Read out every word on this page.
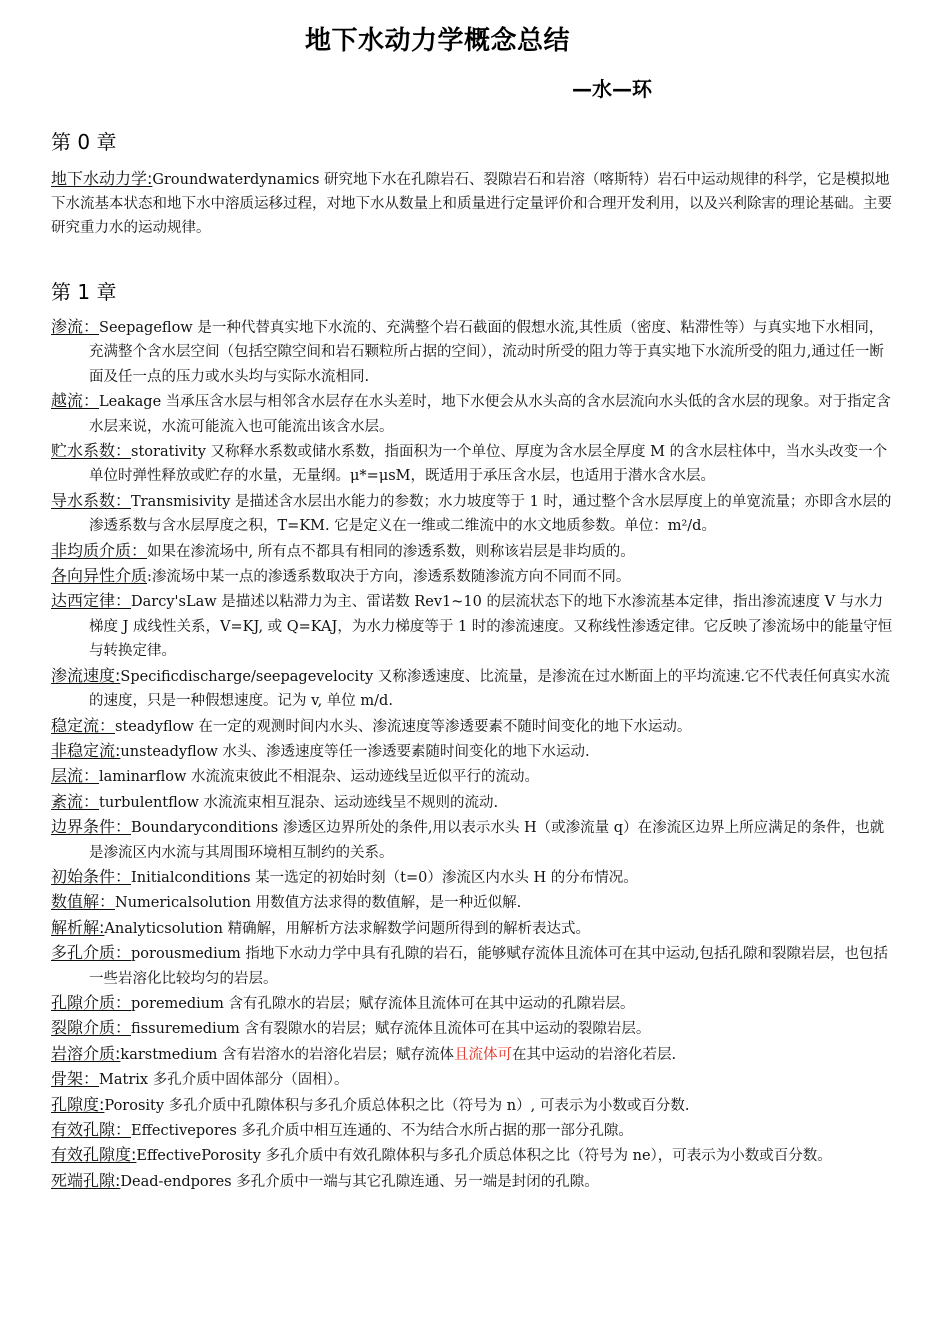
地下水动力学概念总结
—水—环
第 0 章

地下水动力学:Groundwaterdynamics 研究地下水在孔隙岩石、裂隙岩石和岩溶（喀斯特）岩石中运动规律的科学，它是模拟地下水流基本状态和地下水中溶质运移过程，对地下水从数量上和质量进行定量评价和合理开发利用，以及兴利除害的理论基础。主要研究重力水的运动规律。

第 1 章

渗流：Seepageflow 是一种代替真实地下水流的、充满整个岩石截面的假想水流,其性质（密度、粘滞性等）与真实地下水相同，充满整个含水层空间（包括空隙空间和岩石颗粒所占据的空间），流动时所受的阻力等于真实地下水流所受的阻力,通过任一断面及任一点的压力或水头均与实际水流相同.

越流：Leakage 当承压含水层与相邻含水层存在水头差时，地下水便会从水头高的含水层流向水头低的含水层的现象。对于指定含水层来说，水流可能流入也可能流出该含水层。

贮水系数：storativity 又称释水系数或储水系数，指面积为一个单位、厚度为含水层全厚度 M 的含水层柱体中，当水头改变一个单位时弹性释放或贮存的水量，无量纲。μ*=μsM，既适用于承压含水层，也适用于潜水含水层。

导水系数：Transmisivity 是描述含水层出水能力的参数；水力坡度等于 1 时，通过整个含水层厚度上的单宽流量；亦即含水层的渗透系数与含水层厚度之积，T=KM. 它是定义在一维或二维流中的水文地质参数。单位：m²/d。

非均质介质：如果在渗流场中, 所有点不都具有相同的渗透系数，则称该岩层是非均质的。

各向异性介质:渗流场中某一点的渗透系数取决于方向，渗透系数随渗流方向不同而不同。

达西定律：Darcy'sLaw 是描述以粘滞力为主、雷诺数 Rev1~10 的层流状态下的地下水渗流基本定律，指出渗流速度 V 与水力梯度 J 成线性关系，V=KJ, 或 Q=KAJ，为水力梯度等于 1 时的渗流速度。又称线性渗透定律。它反映了渗流场中的能量守恒与转换定律。

渗流速度:Specificdischarge/seepagevelocity 又称渗透速度、比流量，是渗流在过水断面上的平均流速.它不代表任何真实水流的速度，只是一种假想速度。记为 v, 单位 m/d.

稳定流：steadyflow 在一定的观测时间内水头、渗流速度等渗透要素不随时间变化的地下水运动。

非稳定流:unsteadyflow 水头、渗透速度等任一渗透要素随时间变化的地下水运动.

层流：laminarflow 水流流束彼此不相混杂、运动迹线呈近似平行的流动。

紊流：turbulentflow 水流流束相互混杂、运动迹线呈不规则的流动.

边界条件：Boundaryconditions 渗透区边界所处的条件,用以表示水头 H（或渗流量 q）在渗流区边界上所应满足的条件，也就是渗流区内水流与其周围环境相互制约的关系。

初始条件：Initialconditions 某一选定的初始时刻（t=0）渗流区内水头 H 的分布情况。

数值解：Numericalsolution 用数值方法求得的数值解，是一种近似解.

解析解:Analyticsolution 精确解，用解析方法求解数学问题所得到的解析表达式。

多孔介质：porousmedium 指地下水动力学中具有孔隙的岩石，能够赋存流体且流体可在其中运动,包括孔隙和裂隙岩层，也包括一些岩溶化比较均匀的岩层。

孔隙介质：poremedium 含有孔隙水的岩层；赋存流体且流体可在其中运动的孔隙岩层。

裂隙介质：fissuremedium 含有裂隙水的岩层；赋存流体且流体可在其中运动的裂隙岩层。

岩溶介质:karstmedium 含有岩溶水的岩溶化岩层；赋存流体且流体可在其中运动的岩溶化若层.

骨架：Matrix 多孔介质中固体部分（固相）。

孔隙度:Porosity 多孔介质中孔隙体积与多孔介质总体积之比（符号为 n）, 可表示为小数或百分数.

有效孔隙：Effectivepores 多孔介质中相互连通的、不为结合水所占据的那一部分孔隙。

有效孔隙度:EffectivePorosity 多孔介质中有效孔隙体积与多孔介质总体积之比（符号为 ne），可表示为小数或百分数。

死端孔隙:Dead-endpores 多孔介质中一端与其它孔隙连通、另一端是封闭的孔隙。
